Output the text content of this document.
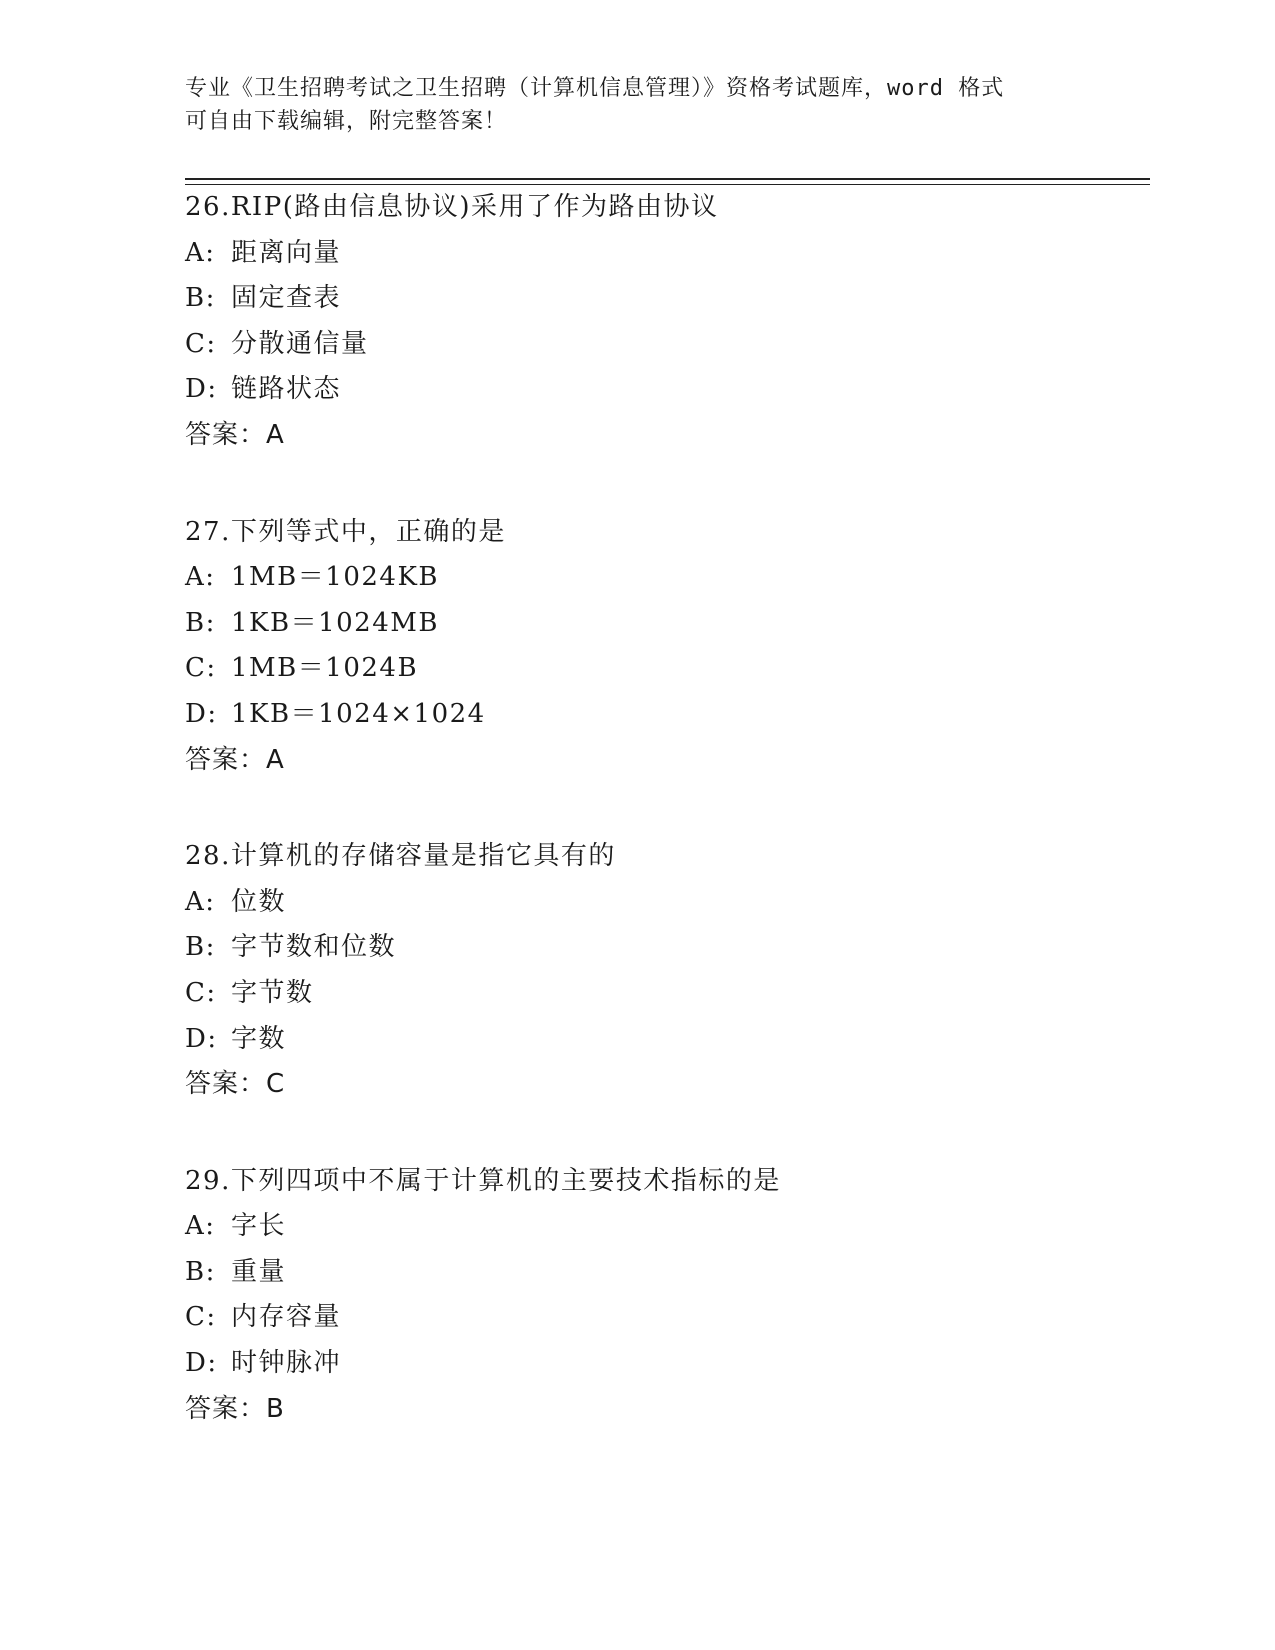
专业《卫生招聘考试之卫生招聘（计算机信息管理）》资格考试题库，word 格式

可自由下载编辑，附完整答案！

26.RIP(路由信息协议)采用了作为路由协议
A: 距离向量
B: 固定查表
C: 分散通信量
D: 链路状态
答案：A
27.下列等式中，正确的是
A: 1MB＝1024KB
B: 1KB＝1024MB
C: 1MB＝1024B
D: 1KB＝1024×1024
答案：A
28.计算机的存储容量是指它具有的
A: 位数
B: 字节数和位数
C: 字节数
D: 字数
答案：C
29.下列四项中不属于计算机的主要技术指标的是
A: 字长
B: 重量
C: 内存容量
D: 时钟脉冲
答案：B
